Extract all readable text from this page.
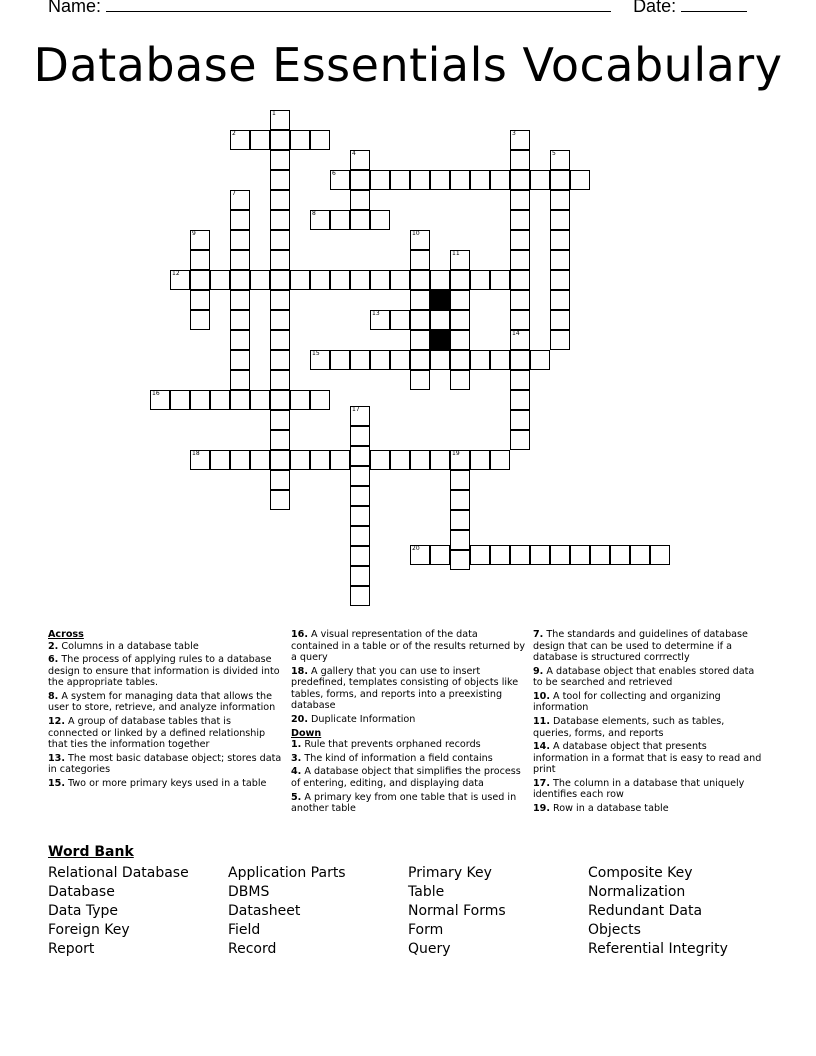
Name:	Date:
Database Essentials Vocabulary
2
6
8
12
13
15
16
18	19
20
1
3
14
4	5
7
9	10
11
17
Across

2. Columns in a database table

6. The process of applying rules to a database design to ensure that information is divided into the appropriate tables.

8. A system for managing data that allows the user to store, retrieve, and analyze information

12. A group of database tables that is connected or linked by a defined relationship that ties the information together

13. The most basic database object; stores data in categories

15. Two or more primary keys used in a table

16. A visual representation of the data contained in a table or of the results returned by a query

18. A gallery that you can use to insert predefined, templates consisting of objects like tables, forms, and reports into a preexisting database

20. Duplicate Information

Down

1. Rule that prevents orphaned records

3. The kind of information a field contains

4. A database object that simplifies the process of entering, editing, and displaying data

5. A primary key from one table that is used in another table

7. The standards and guidelines of database design that can be used to determine if a database is structured corrrectly

9. A database object that enables stored data to be searched and retrieved

10. A tool for collecting and organizing information

11. Database elements, such as tables, queries, forms, and reports

14. A database object that presents information in a format that is easy to read and print

17. The column in a database that uniquely identifies each row

19. Row in a database table

Word Bank
Relational Database
Database
Data Type
Foreign Key
Report
Application Parts
DBMS
Datasheet
Field
Record
Primary Key
Table
Normal Forms
Form
Query
Composite Key
Normalization
Redundant Data
Objects
Referential Integrity
